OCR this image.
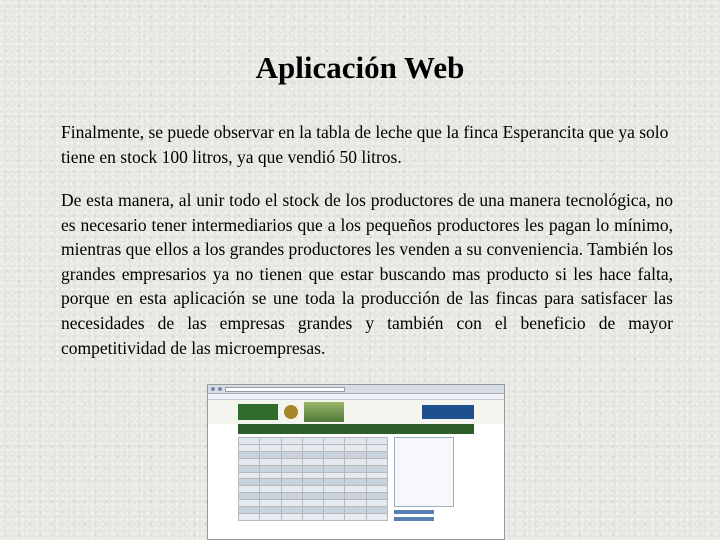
Aplicación Web
Finalmente, se puede observar en la tabla de leche que la finca Esperancita que ya solo tiene en stock 100 litros, ya que vendió 50 litros.
De esta manera, al unir todo el stock de los productores de una manera tecnológica, no es necesario tener intermediarios que a los pequeños productores les pagan lo mínimo, mientras que ellos a los grandes productores les venden a su conveniencia. También los grandes empresarios ya no tienen que estar buscando mas producto si les hace falta, porque en esta aplicación se une toda la producción de las fincas para satisfacer las necesidades de las empresas grandes y también con el beneficio de mayor competitividad de las microempresas.
